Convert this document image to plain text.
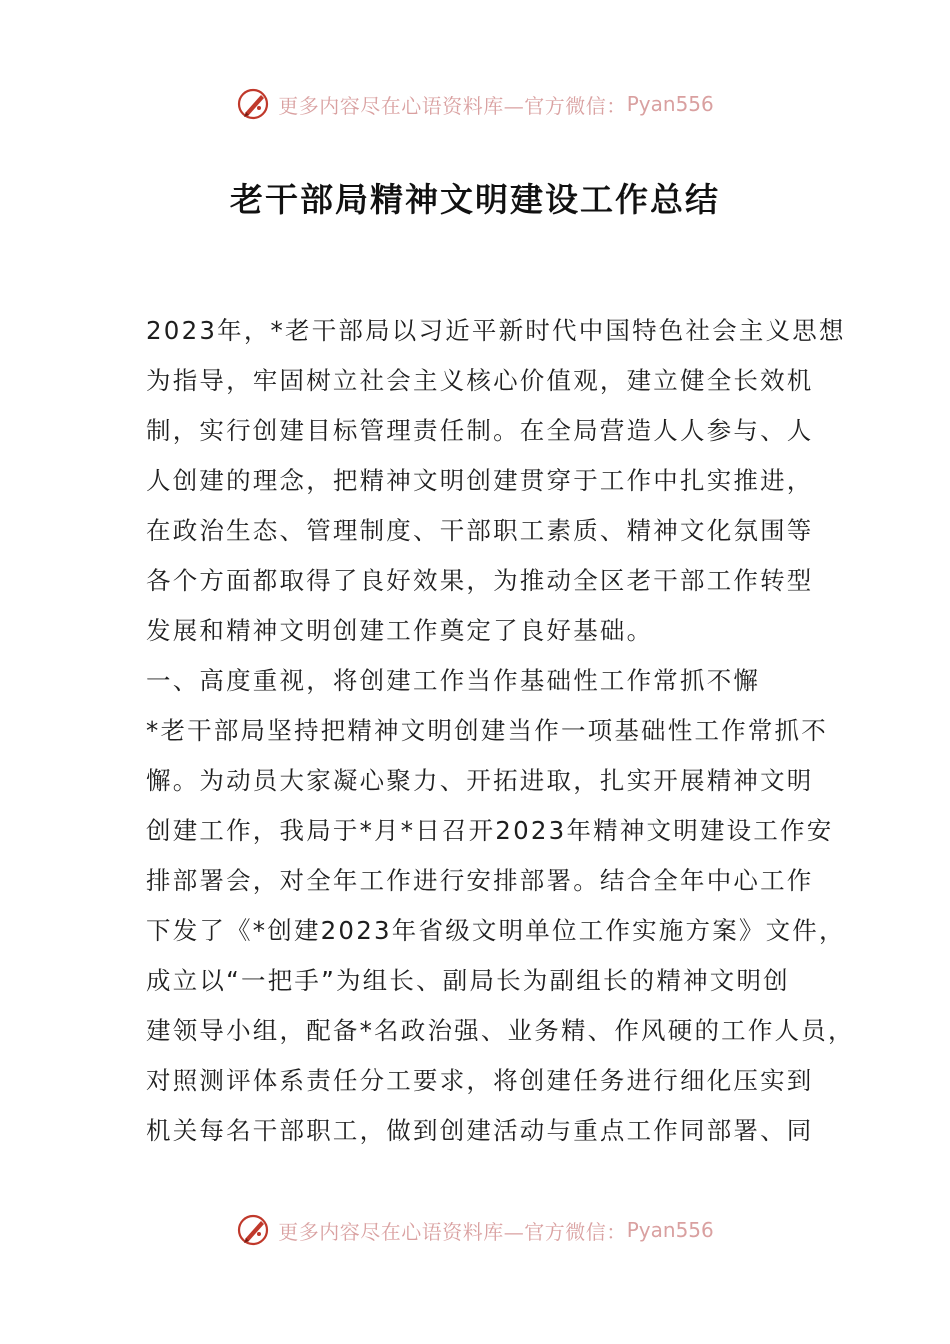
更多内容尽在心语资料库—官方微信： Pyan556
老干部局精神文明建设工作总结
2023年，*老干部局以习近平新时代中国特色社会主义思想
为指导，牢固树立社会主义核心价值观，建立健全长效机
制，实行创建目标管理责任制。在全局营造人人参与、人
人创建的理念，把精神文明创建贯穿于工作中扎实推进，
在政治生态、管理制度、干部职工素质、精神文化氛围等
各个方面都取得了良好效果，为推动全区老干部工作转型
发展和精神文明创建工作奠定了良好基础。
一、高度重视，将创建工作当作基础性工作常抓不懈
*老干部局坚持把精神文明创建当作一项基础性工作常抓不
懈。为动员大家凝心聚力、开拓进取，扎实开展精神文明
创建工作，我局于*月*日召开2023年精神文明建设工作安
排部署会，对全年工作进行安排部署。结合全年中心工作
下发了《*创建2023年省级文明单位工作实施方案》文件，
成立以“一把手”为组长、副局长为副组长的精神文明创
建领导小组，配备*名政治强、业务精、作风硬的工作人员，
对照测评体系责任分工要求，将创建任务进行细化压实到
机关每名干部职工，做到创建活动与重点工作同部署、同
更多内容尽在心语资料库—官方微信： Pyan556
